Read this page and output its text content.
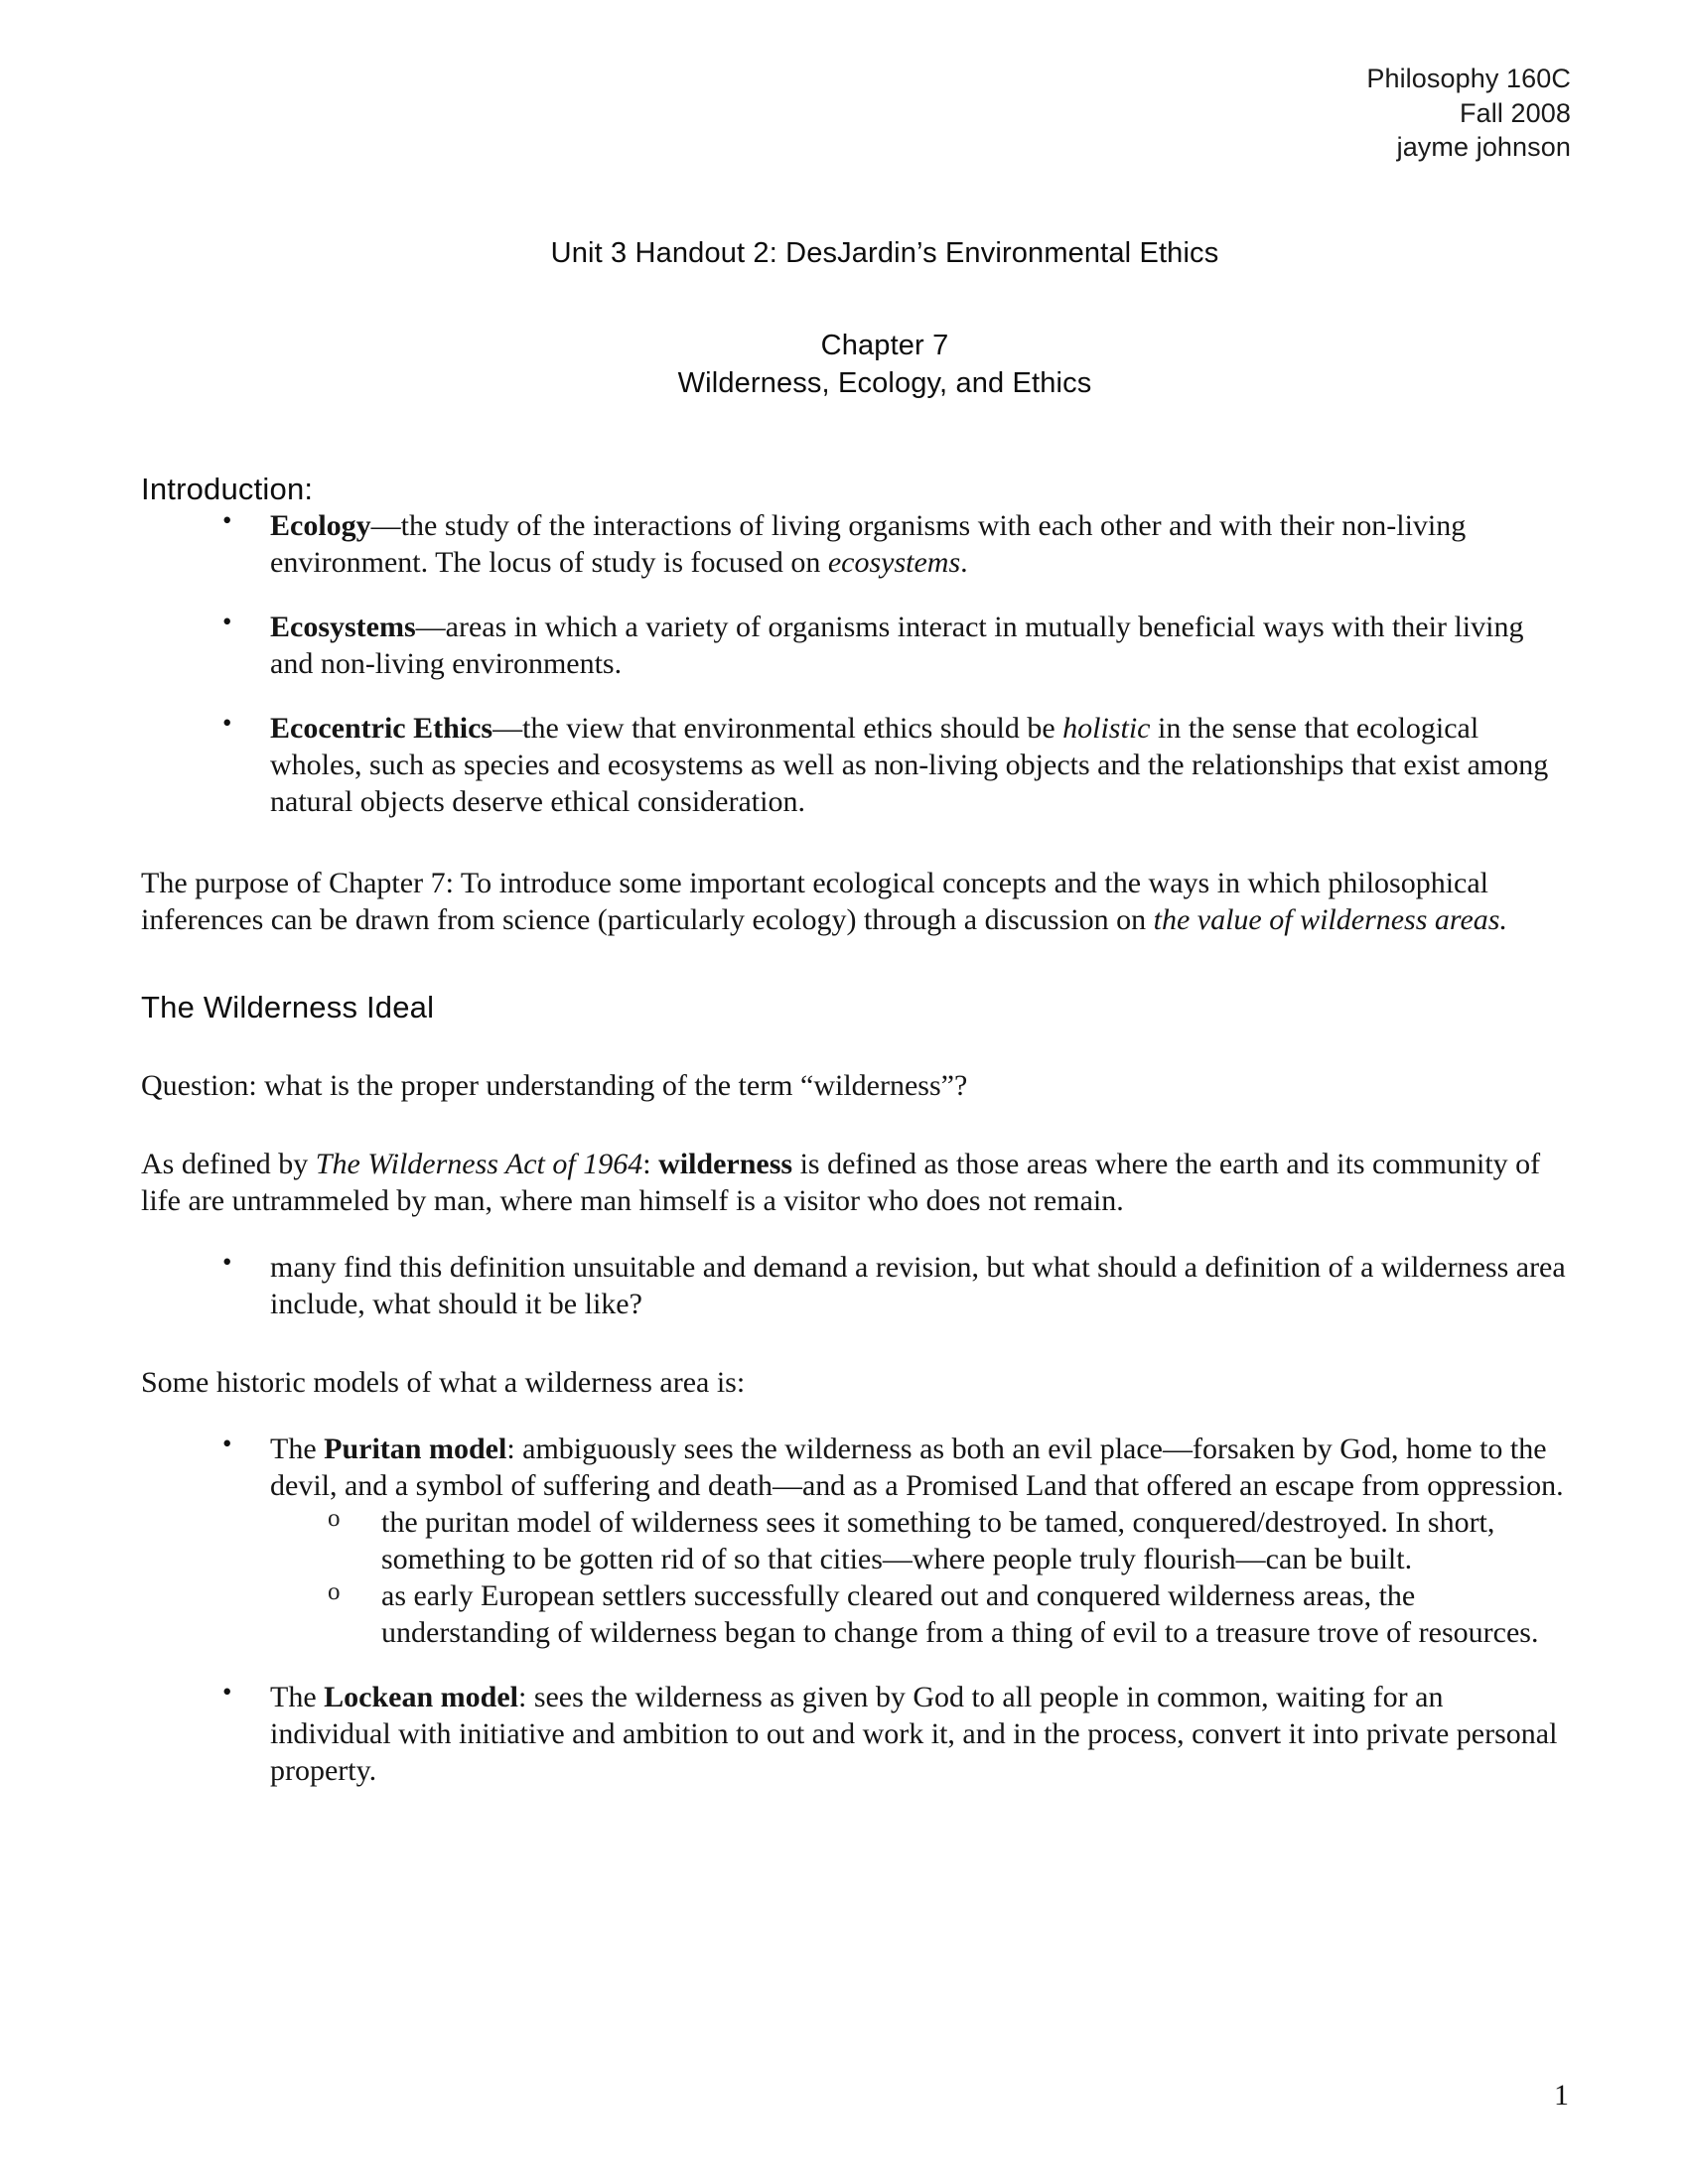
Philosophy 160C
Fall 2008
jayme johnson
Unit 3 Handout 2: DesJardin’s Environmental Ethics
Chapter 7
Wilderness, Ecology, and Ethics
Introduction:
• Ecology—the study of the interactions of living organisms with each other and with their non-living environment. The locus of study is focused on ecosystems.
• Ecosystems—areas in which a variety of organisms interact in mutually beneficial ways with their living and non-living environments.
• Ecocentric Ethics—the view that environmental ethics should be holistic in the sense that ecological wholes, such as species and ecosystems as well as non-living objects and the relationships that exist among natural objects deserve ethical consideration.

The purpose of Chapter 7: To introduce some important ecological concepts and the ways in which philosophical inferences can be drawn from science (particularly ecology) through a discussion on the value of wilderness areas.

The Wilderness Ideal

Question: what is the proper understanding of the term “wilderness”?

As defined by The Wilderness Act of 1964: wilderness is defined as those areas where the earth and its community of life are untrammeled by man, where man himself is a visitor who does not remain.

• many find this definition unsuitable and demand a revision, but what should a definition of a wilderness area include, what should it be like?

Some historic models of what a wilderness area is:

• The Puritan model: ambiguously sees the wilderness as both an evil place—forsaken by God, home to the devil, and a symbol of suffering and death—and as a Promised Land that offered an escape from oppression.
o the puritan model of wilderness sees it something to be tamed, conquered/destroyed. In short, something to be gotten rid of so that cities—where people truly flourish—can be built.
o as early European settlers successfully cleared out and conquered wilderness areas, the understanding of wilderness began to change from a thing of evil to a treasure trove of resources.
• The Lockean model: sees the wilderness as given by God to all people in common, waiting for an individual with initiative and ambition to out and work it, and in the process, convert it into private personal property.
1
